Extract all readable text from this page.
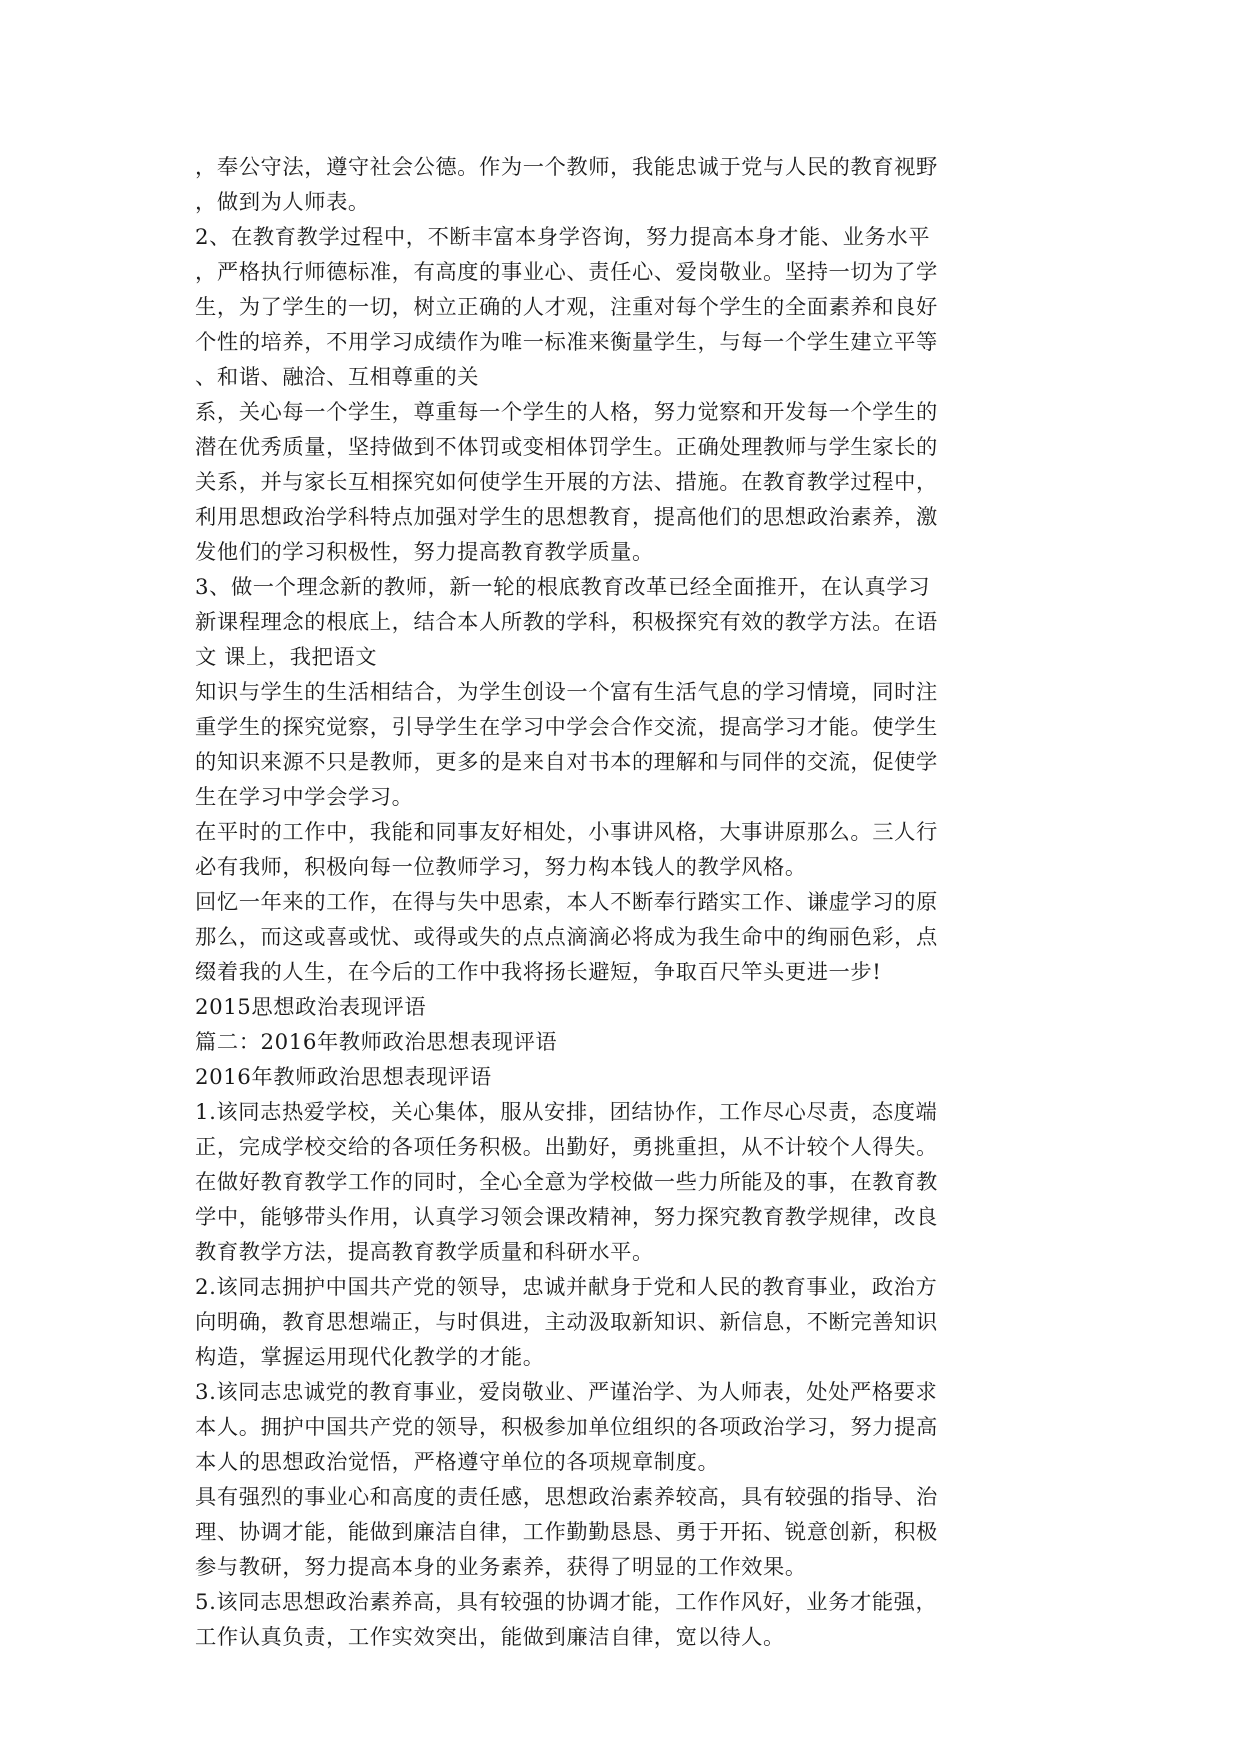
，奉公守法，遵守社会公德。作为一个教师，我能忠诚于党与人民的教育视野
，做到为人师表。
2、在教育教学过程中，不断丰富本身学咨询，努力提高本身才能、业务水平
，严格执行师德标准，有高度的事业心、责任心、爱岗敬业。坚持一切为了学
生，为了学生的一切，树立正确的人才观，注重对每个学生的全面素养和良好
个性的培养，不用学习成绩作为唯一标准来衡量学生，与每一个学生建立平等
、和谐、融洽、互相尊重的关
系，关心每一个学生，尊重每一个学生的人格，努力觉察和开发每一个学生的
潜在优秀质量，坚持做到不体罚或变相体罚学生。正确处理教师与学生家长的
关系，并与家长互相探究如何使学生开展的方法、措施。在教育教学过程中，
利用思想政治学科特点加强对学生的思想教育，提高他们的思想政治素养，激
发他们的学习积极性，努力提高教育教学质量。
3、做一个理念新的教师，新一轮的根底教育改革已经全面推开，在认真学习
新课程理念的根底上，结合本人所教的学科，积极探究有效的教学方法。在语
文 课上，我把语文
知识与学生的生活相结合，为学生创设一个富有生活气息的学习情境，同时注
重学生的探究觉察，引导学生在学习中学会合作交流，提高学习才能。使学生
的知识来源不只是教师，更多的是来自对书本的理解和与同伴的交流，促使学
生在学习中学会学习。
在平时的工作中，我能和同事友好相处，小事讲风格，大事讲原那么。三人行
必有我师，积极向每一位教师学习，努力构本钱人的教学风格。
回忆一年来的工作，在得与失中思索，本人不断奉行踏实工作、谦虚学习的原
那么，而这或喜或忧、或得或失的点点滴滴必将成为我生命中的绚丽色彩，点
缀着我的人生，在今后的工作中我将扬长避短，争取百尺竿头更进一步!
2015思想政治表现评语
篇二：2016年教师政治思想表现评语
2016年教师政治思想表现评语
1.该同志热爱学校，关心集体，服从安排，团结协作，工作尽心尽责，态度端
正，完成学校交给的各项任务积极。出勤好，勇挑重担，从不计较个人得失。
在做好教育教学工作的同时，全心全意为学校做一些力所能及的事，在教育教
学中，能够带头作用，认真学习领会课改精神，努力探究教育教学规律，改良
教育教学方法，提高教育教学质量和科研水平。
2.该同志拥护中国共产党的领导，忠诚并献身于党和人民的教育事业，政治方
向明确，教育思想端正，与时俱进，主动汲取新知识、新信息，不断完善知识
构造，掌握运用现代化教学的才能。
3.该同志忠诚党的教育事业，爱岗敬业、严谨治学、为人师表，处处严格要求
本人。拥护中国共产党的领导，积极参加单位组织的各项政治学习，努力提高
本人的思想政治觉悟，严格遵守单位的各项规章制度。
具有强烈的事业心和高度的责任感，思想政治素养较高，具有较强的指导、治
理、协调才能，能做到廉洁自律，工作勤勤恳恳、勇于开拓、锐意创新，积极
参与教研，努力提高本身的业务素养，获得了明显的工作效果。
5.该同志思想政治素养高，具有较强的协调才能，工作作风好，业务才能强，
工作认真负责，工作实效突出，能做到廉洁自律，宽以待人。
